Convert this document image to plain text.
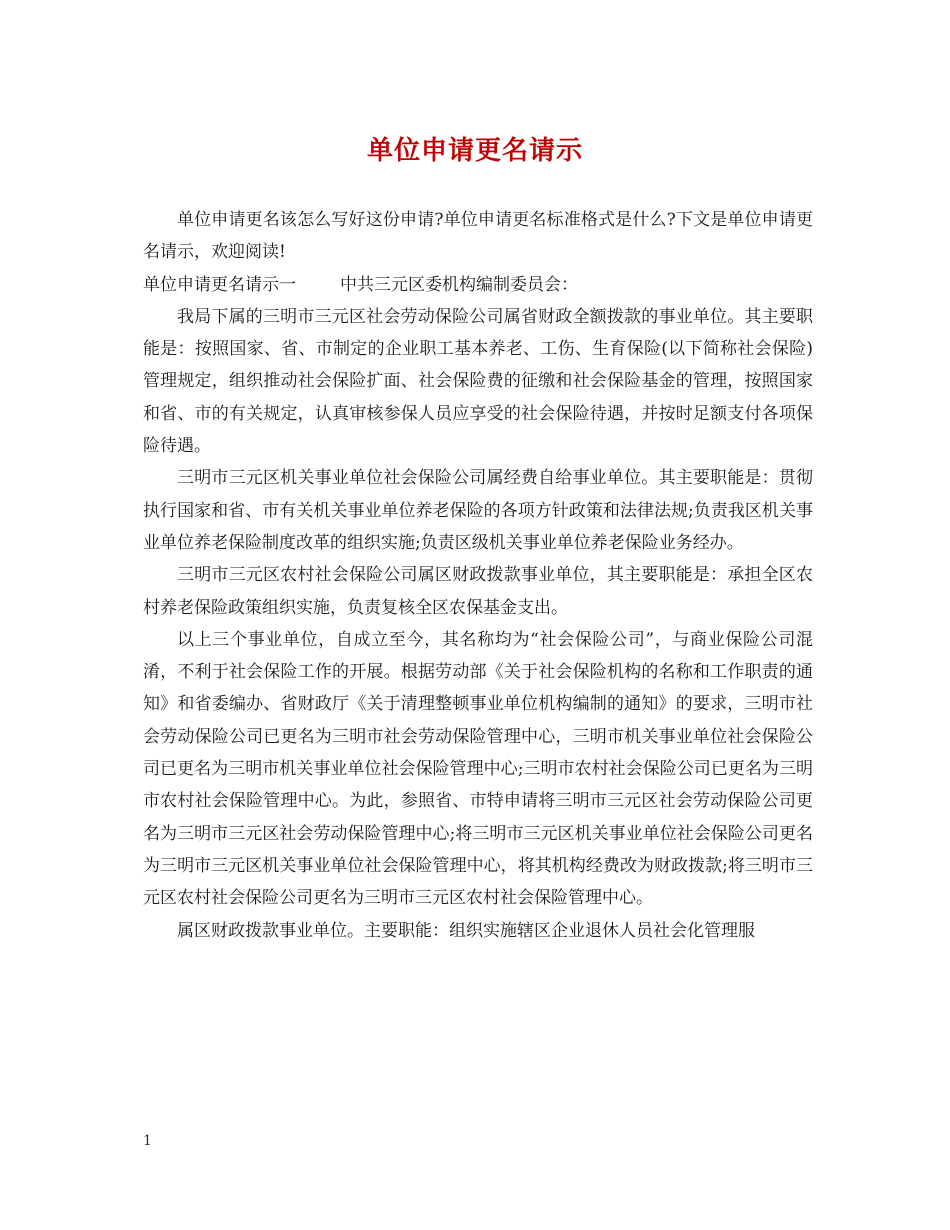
单位申请更名请示

单位申请更名该怎么写好这份申请?单位申请更名标准格式是什么?下文是单位申请更名请示，欢迎阅读!

单位申请更名请示一	中共三元区委机构编制委员会：

我局下属的三明市三元区社会劳动保险公司属省财政全额拨款的事业单位。其主要职能是：按照国家、省、市制定的企业职工基本养老、工伤、生育保险(以下简称社会保险)管理规定，组织推动社会保险扩面、社会保险费的征缴和社会保险基金的管理，按照国家和省、市的有关规定，认真审核参保人员应享受的社会保险待遇，并按时足额支付各项保险待遇。

三明市三元区机关事业单位社会保险公司属经费自给事业单位。其主要职能是：贯彻执行国家和省、市有关机关事业单位养老保险的各项方针政策和法律法规;负责我区机关事业单位养老保险制度改革的组织实施;负责区级机关事业单位养老保险业务经办。

三明市三元区农村社会保险公司属区财政拨款事业单位，其主要职能是：承担全区农村养老保险政策组织实施，负责复核全区农保基金支出。

以上三个事业单位，自成立至今，其名称均为“社会保险公司”，与商业保险公司混淆，不利于社会保险工作的开展。根据劳动部《关于社会保险机构的名称和工作职责的通知》和省委编办、省财政厅《关于清理整顿事业单位机构编制的通知》的要求，三明市社会劳动保险公司已更名为三明市社会劳动保险管理中心，三明市机关事业单位社会保险公司已更名为三明市机关事业单位社会保险管理中心;三明市农村社会保险公司已更名为三明市农村社会保险管理中心。为此，参照省、市特申请将三明市三元区社会劳动保险公司更名为三明市三元区社会劳动保险管理中心;将三明市三元区机关事业单位社会保险公司更名为三明市三元区机关事业单位社会保险管理中心，将其机构经费改为财政拨款;将三明市三元区农村社会保险公司更名为三明市三元区农村社会保险管理中心。

属区财政拨款事业单位。主要职能：组织实施辖区企业退休人员社会化管理服

1
